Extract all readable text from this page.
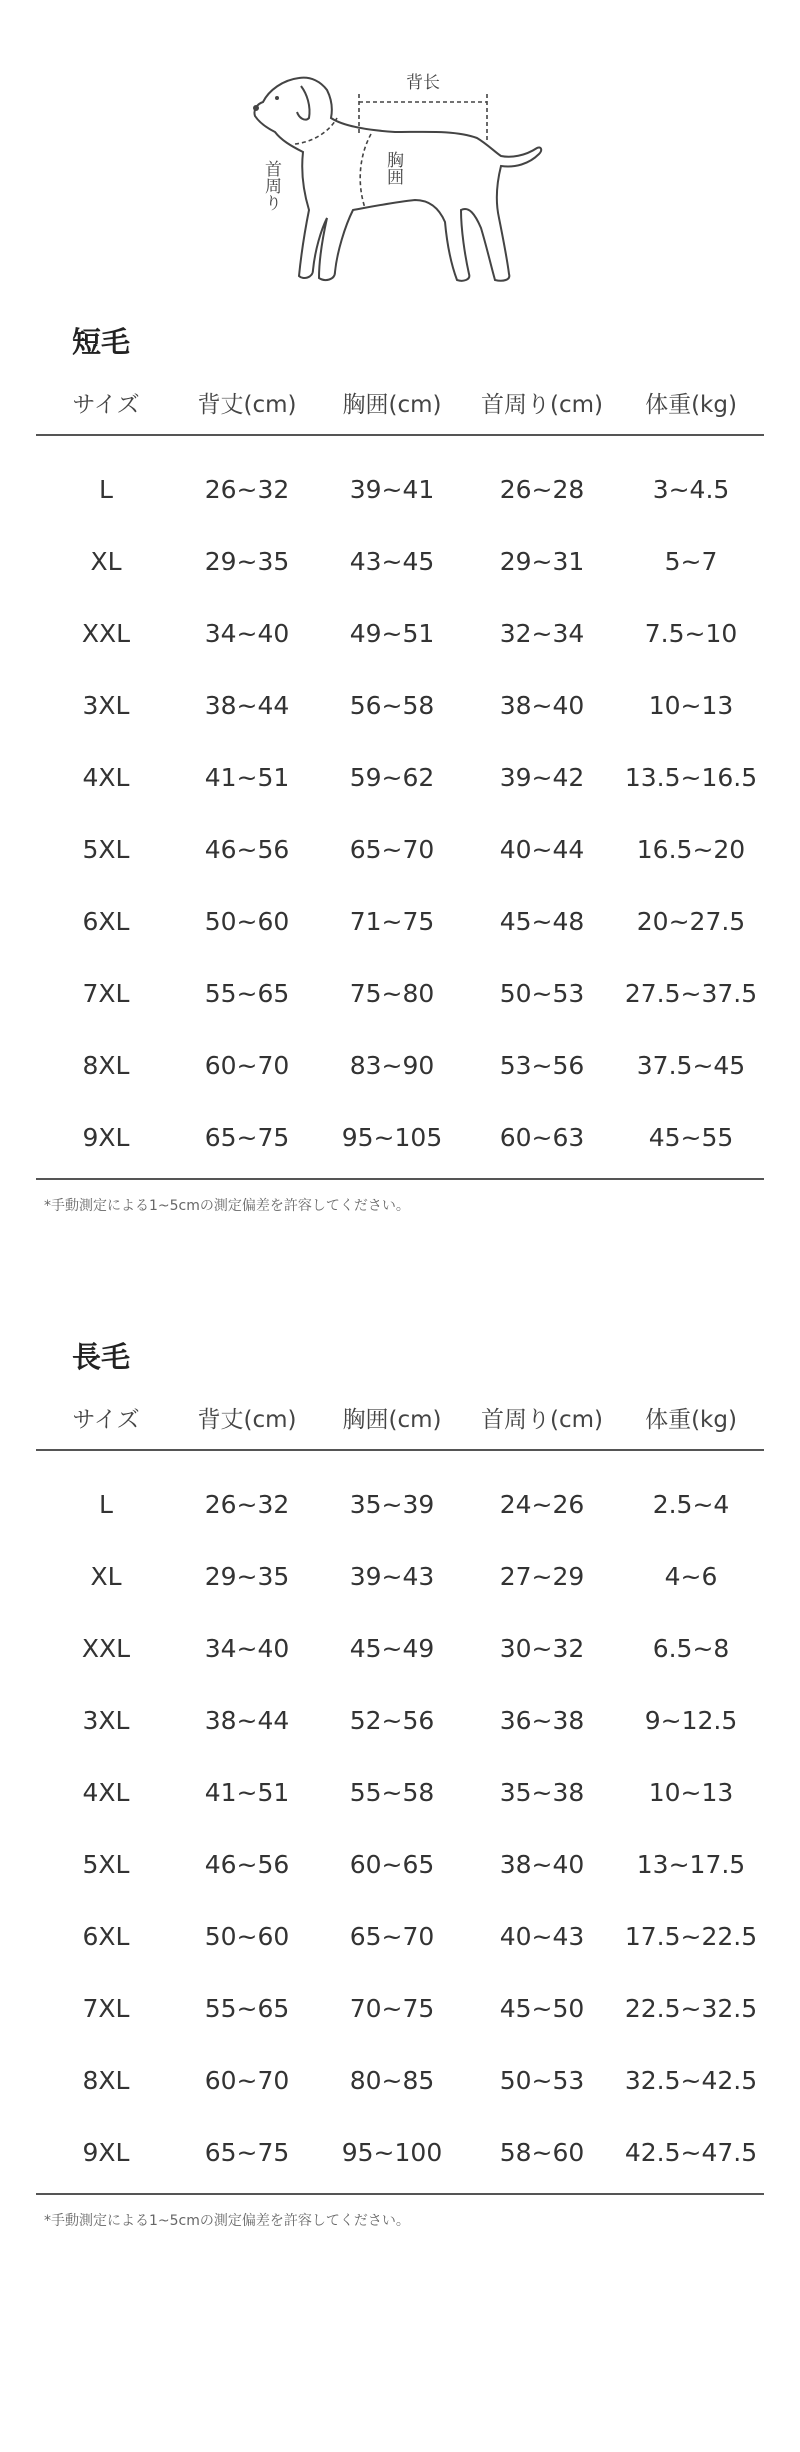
背长
胸囲
首周り
短毛
サイズ	背丈(cm)	胸囲(cm)	首周り(cm)	体重(kg)
L	26~32	39~41	26~28	3~4.5
XL	29~35	43~45	29~31	5~7
XXL	34~40	49~51	32~34	7.5~10
3XL	38~44	56~58	38~40	10~13
4XL	41~51	59~62	39~42	13.5~16.5
5XL	46~56	65~70	40~44	16.5~20
6XL	50~60	71~75	45~48	20~27.5
7XL	55~65	75~80	50~53	27.5~37.5
8XL	60~70	83~90	53~56	37.5~45
9XL	65~75	95~105	60~63	45~55
*手動測定による1~5cmの測定偏差を許容してください。
長毛
サイズ	背丈(cm)	胸囲(cm)	首周り(cm)	体重(kg)
L	26~32	35~39	24~26	2.5~4
XL	29~35	39~43	27~29	4~6
XXL	34~40	45~49	30~32	6.5~8
3XL	38~44	52~56	36~38	9~12.5
4XL	41~51	55~58	35~38	10~13
5XL	46~56	60~65	38~40	13~17.5
6XL	50~60	65~70	40~43	17.5~22.5
7XL	55~65	70~75	45~50	22.5~32.5
8XL	60~70	80~85	50~53	32.5~42.5
9XL	65~75	95~100	58~60	42.5~47.5
*手動測定による1~5cmの測定偏差を許容してください。
